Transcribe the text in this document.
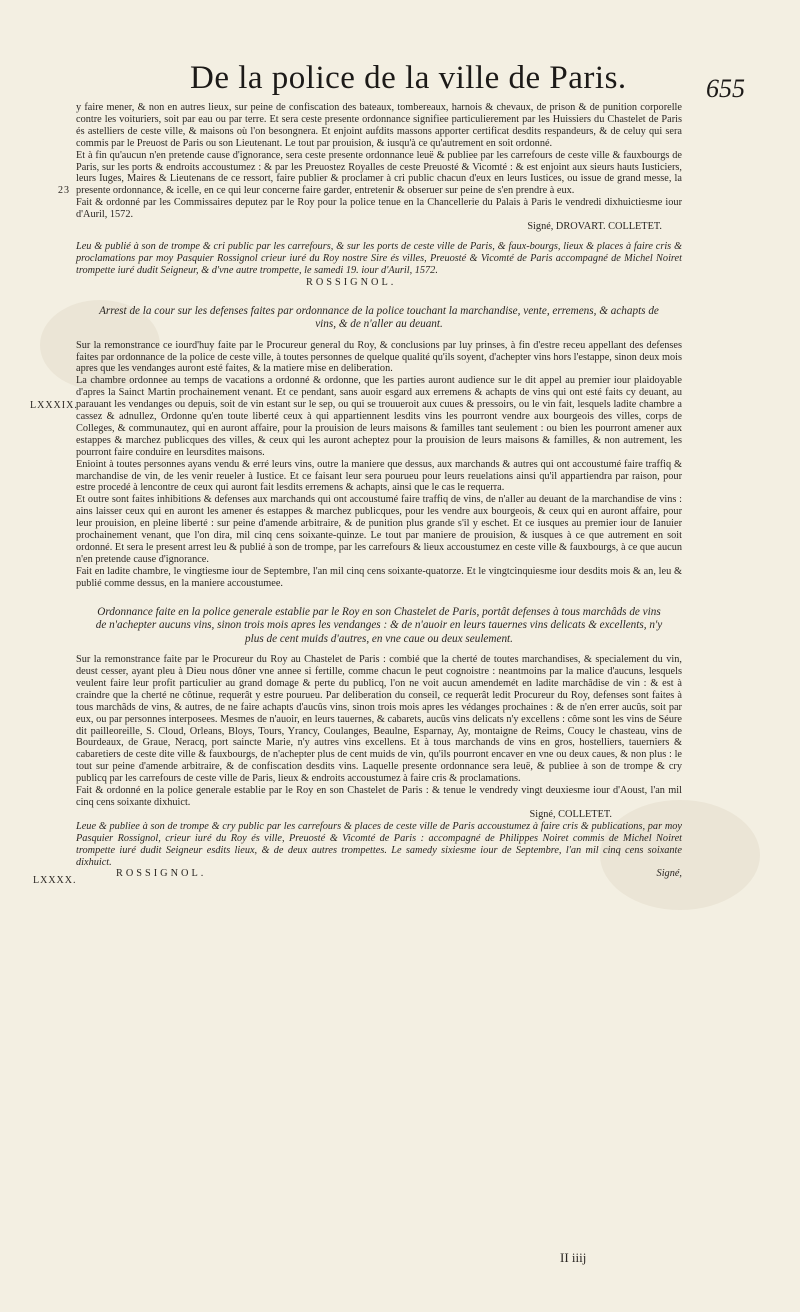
De la police de la ville de Paris.	655
23
LXXXIX.
LXXXX.

y faire mener, & non en autres lieux, sur peine de confiscation des bateaux, tombereaux, harnois & chevaux, de prison & de punition corporelle contre les voituriers, soit par eau ou par terre. Et sera ceste presente ordonnance signifiee particulierement par les Huissiers du Chastelet de Paris és astelliers de ceste ville, & maisons où l'on besongnera. Et enjoint aufdits massons apporter certificat desdits respandeurs, & de celuy qui sera commis par le Preuost de Paris ou son Lieutenant. Le tout par prouision, & iusqu'à ce qu'autrement en soit ordonné.

Et à fin qu'aucun n'en pretende cause d'ignorance, sera ceste presente ordonnance leuë & publiee par les carrefours de ceste ville & fauxbourgs de Paris, sur les ports & endroits accoustumez : & par les Preuostez Royalles de ceste Preuosté & Vicomté : & est enjoint aux sieurs hauts Iusticiers, leurs Iuges, Maires & Lieutenans de ce ressort, faire publier & proclamer à cri public chacun d'eux en leurs Iustices, ou issue de grand messe, la presente ordonnance, & icelle, en ce qui leur concerne faire garder, entretenir & obseruer sur peine de s'en prendre à eux.

Fait & ordonné par les Commissaires deputez par le Roy pour la police tenue en la Chancellerie du Palais à Paris le vendredi dixhuictiesme iour d'Auril, 1572.

Signé, DROVART. COLLETET.

Leu & publié à son de trompe & cri public par les carrefours, & sur les ports de ceste ville de Paris, & faux-bourgs, lieux & places à faire cris & proclamations par moy Pasquier Rossignol crieur iuré du Roy nostre Sire és villes, Preuosté & Vicomté de Paris accompagné de Michel Noiret trompette iuré dudit Seigneur, & d'vne autre trompette, le samedi 19. iour d'Auril, 1572.

ROSSIGNOL.

Arrest de la cour sur les defenses faites par ordonnance de la police touchant la marchandise, vente, erremens, & achapts de vins, & de n'aller au deuant.

Sur la remonstrance ce iourd'huy faite par le Procureur general du Roy, & conclusions par luy prinses, à fin d'estre receu appellant des defenses faites par ordonnance de la police de ceste ville, à toutes personnes de quelque qualité qu'ils soyent, d'achepter vins hors l'estappe, sinon deux mois apres que les vendanges auront esté faites, & la matiere mise en deliberation.

La chambre ordonnee au temps de vacations a ordonné & ordonne, que les parties auront audience sur le dit appel au premier iour plaidoyable d'apres la Sainct Martin prochainement venant. Et ce pendant, sans auoir esgard aux erremens & achapts de vins qui ont esté faits cy deuant, au parauant les vendanges ou depuis, soit de vin estant sur le sep, ou qui se trouueroit aux cuues & pressoirs, ou le vin fait, lesquels ladite chambre a cassez & adnullez, Ordonne qu'en toute liberté ceux à qui appartiennent lesdits vins les pourront vendre aux bourgeois des villes, corps de Colleges, & communautez, qui en auront affaire, pour la prouision de leurs maisons & familles tant seulement : ou bien les pourront amener aux estappes & marchez publicques des villes, & ceux qui les auront acheptez pour la prouision de leurs maisons & familles, & non autrement, les pourront faire conduire en leursdites maisons.

Enioint à toutes personnes ayans vendu & erré leurs vins, outre la maniere que dessus, aux marchands & autres qui ont accoustumé faire traffiq & marchandise de vin, de les venir reueler à Iustice. Et ce faisant leur sera pourueu pour leurs reuelations ainsi qu'il appartiendra par raison, pour estre procedé à lencontre de ceux qui auront fait lesdits erremens & achapts, ainsi que le cas le requerra.

Et outre sont faites inhibitions & defenses aux marchands qui ont accoustumé faire traffiq de vins, de n'aller au deuant de la marchandise de vins : ains laisser ceux qui en auront les amener és estappes & marchez publicques, pour les vendre aux bourgeois, & ceux qui en auront affaire, pour leur prouision, en pleine liberté : sur peine d'amende arbitraire, & de punition plus grande s'il y eschet. Et ce iusques au premier iour de Ianuier prochainement venant, que l'on dira, mil cinq cens soixante-quinze. Le tout par maniere de prouision, & iusques à ce que autrement en soit ordonné. Et sera le present arrest leu & publié à son de trompe, par les carrefours & lieux accoustumez en ceste ville & fauxbourgs, à ce que aucun n'en pretende cause d'ignorance.

Fait en ladite chambre, le vingtiesme iour de Septembre, l'an mil cinq cens soixante-quatorze. Et le vingtcinquiesme iour desdits mois & an, leu & publié comme dessus, en la maniere accoustumee.

Ordonnance faite en la police generale establie par le Roy en son Chastelet de Paris, portât defenses à tous marchâds de vins de n'achepter aucuns vins, sinon trois mois apres les vendanges : & de n'auoir en leurs tauernes vins delicats & excellents, n'y plus de cent muids d'autres, en vne caue ou deux seulement.

Sur la remonstrance faite par le Procureur du Roy au Chastelet de Paris : combié que la cherté de toutes marchandises, & specialement du vin, deust cesser, ayant pleu à Dieu nous dôner vne annee si fertille, comme chacun le peut cognoistre : neantmoins par la malice d'aucuns, lesquels veulent faire leur profit particulier au grand domage & perte du publicq, l'on ne voit aucun amendemét en ladite marchâdise de vin : & est à craindre que la cherté ne côtinue, requerât y estre pourueu. Par deliberation du conseil, ce requerât ledit Procureur du Roy, defenses sont faites à tous marchâds de vins, & autres, de ne faire achapts d'aucûs vins, sinon trois mois apres les védanges prochaines : & de n'en errer aucûs, soit par eux, ou par personnes interposees. Mesmes de n'auoir, en leurs tauernes, & cabarets, aucûs vins delicats n'y excellens : côme sont les vins de Séure dit pailleoreille, S. Cloud, Orleans, Bloys, Tours, Yrancy, Coulanges, Beaulne, Esparnay, Ay, montaigne de Reims, Coucy le chasteau, vins de Bourdeaux, de Graue, Neracq, port saincte Marie, n'y autres vins excellens. Et à tous marchands de vins en gros, hostelliers, tauerniers & cabaretiers de ceste dite ville & fauxbourgs, de n'achepter plus de cent muids de vin, qu'ils pourront encaver en vne ou deux caues, & non plus : le tout sur peine d'amende arbitraire, & de confiscation desdits vins. Laquelle presente ordonnance sera leuë, & publiee à son de trompe & cry publicq par les carrefours de ceste ville de Paris, lieux & endroits accoustumez à faire cris & proclamations.

Fait & ordonné en la police generale establie par le Roy en son Chastelet de Paris : & tenue le vendredy vingt deuxiesme iour d'Aoust, l'an mil cinq cens soixante dixhuict.

Signé, COLLETET.

Leue & publiee à son de trompe & cry public par les carrefours & places de ceste ville de Paris accoustumez à faire cris & publications, par moy Pasquier Rossignol, crieur iuré du Roy és ville, Preuosté & Vicomté de Paris : accompagné de Philippes Noiret commis de Michel Noiret trompette iuré dudit Seigneur esdits lieux, & de deux autres trompettes. Le samedy sixiesme iour de Septembre, l'an mil cinq cens soixante dixhuict.

ROSSIGNOL.	Signé,

II iiij
